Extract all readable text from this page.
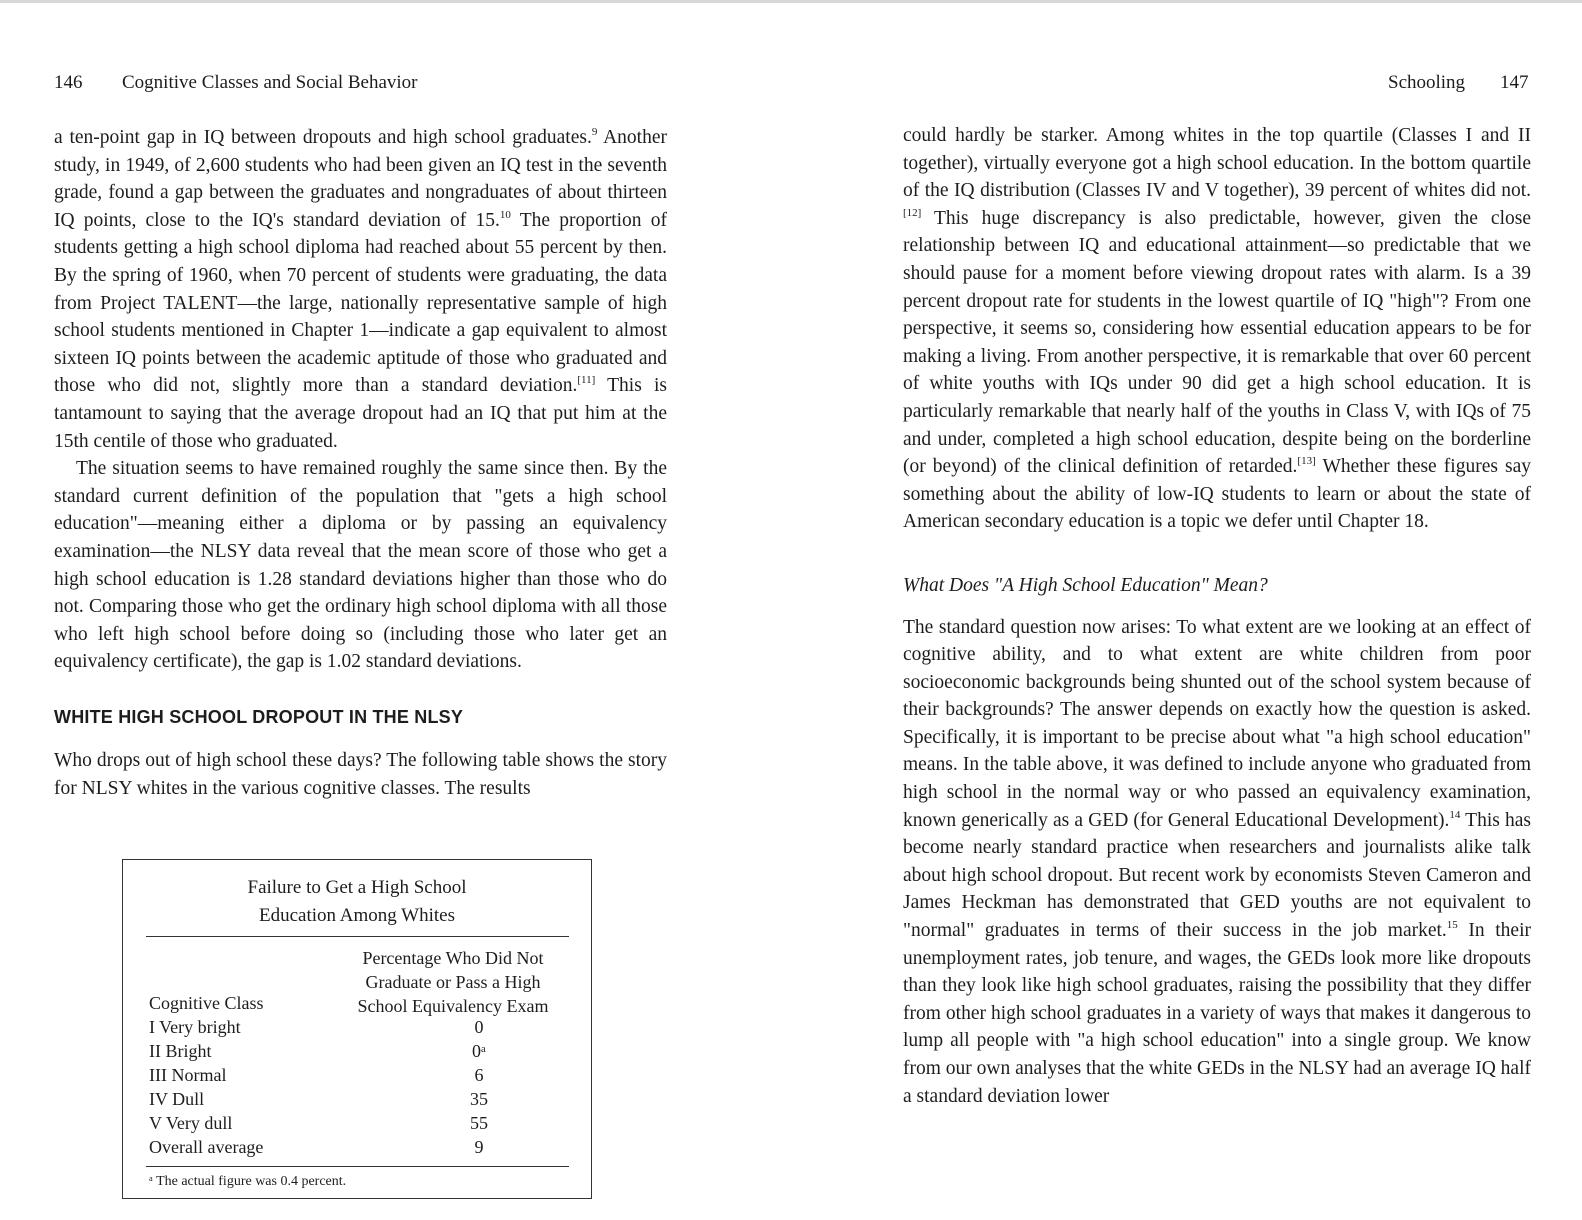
146 Cognitive Classes and Social Behavior

a ten-point gap in IQ between dropouts and high school graduates.$^9$ Another study, in 1949, of 2,600 students who had been given an IQ test in the seventh grade, found a gap between the graduates and nongraduates of about thirteen IQ points, close to the IQ's standard deviation of 15.10 The proportion of students getting a high school diploma had reached about 55 percent by then. By the spring of 1960, when 70 percent of students were graduating, the data from Project TALENT—the large, nationally representative sample of high school students mentioned in Chapter 1—indicate a gap equivalent to almost sixteen IQ points between the academic aptitude of those who graduated and those who did not, slightly more than a standard deviation.[11] This is tantamount to saying that the average dropout had an IQ that put him at the 15th centile of those who graduated.

The situation seems to have remained roughly the same since then. By the standard current definition of the population that "gets a high school education"—meaning either a diploma or by passing an equivalency examination—the NLSY data reveal that the mean score of those who get a high school education is 1.28 standard deviations higher than those who do not. Comparing those who get the ordinary high school diploma with all those who left high school before doing so (including those who later get an equivalency certificate), the gap is 1.02 standard deviations.

WHITE HIGH SCHOOL DROPOUT IN THE NLSY

Who drops out of high school these days? The following table shows the story for NLSY whites in the various cognitive classes. The results

Failure to Get a High School
Education Among Whites
Percentage Who Did Not
Graduate or Pass a High
School Equivalency Exam
Cognitive Class
I Very bright	0
II Bright	0ᵃ
III Normal	6
IV Dull	35
V Very dull	55
Overall average	9
ᵃ The actual figure was 0.4 percent.
Schooling 147

could hardly be starker. Among whites in the top quartile (Classes I and II together), virtually everyone got a high school education. In the bottom quartile of the IQ distribution (Classes IV and V together), 39 percent of whites did not.[12] This huge discrepancy is also predictable, however, given the close relationship between IQ and educational attainment—so predictable that we should pause for a moment before viewing dropout rates with alarm. Is a 39 percent dropout rate for students in the lowest quartile of IQ "high"? From one perspective, it seems so, considering how essential education appears to be for making a living. From another perspective, it is remarkable that over 60 percent of white youths with IQs under 90 did get a high school education. It is particularly remarkable that nearly half of the youths in Class V, with IQs of 75 and under, completed a high school education, despite being on the borderline (or beyond) of the clinical definition of retarded.[13] Whether these figures say something about the ability of low-IQ students to learn or about the state of American secondary education is a topic we defer until Chapter 18.

What Does "A High School Education" Mean?

The standard question now arises: To what extent are we looking at an effect of cognitive ability, and to what extent are white children from poor socioeconomic backgrounds being shunted out of the school system because of their backgrounds? The answer depends on exactly how the question is asked. Specifically, it is important to be precise about what "a high school education" means. In the table above, it was defined to include anyone who graduated from high school in the normal way or who passed an equivalency examination, known generically as a GED (for General Educational Development).$^{14}$ This has become nearly standard practice when researchers and journalists alike talk about high school dropout. But recent work by economists Steven Cameron and James Heckman has demonstrated that GED youths are not equivalent to "normal" graduates in terms of their success in the job market.$^{15}$ In their unemployment rates, job tenure, and wages, the GEDs look more like dropouts than they look like high school graduates, raising the possibility that they differ from other high school graduates in a variety of ways that makes it dangerous to lump all people with "a high school education" into a single group. We know from our own analyses that the white GEDs in the NLSY had an average IQ half a standard deviation lower
